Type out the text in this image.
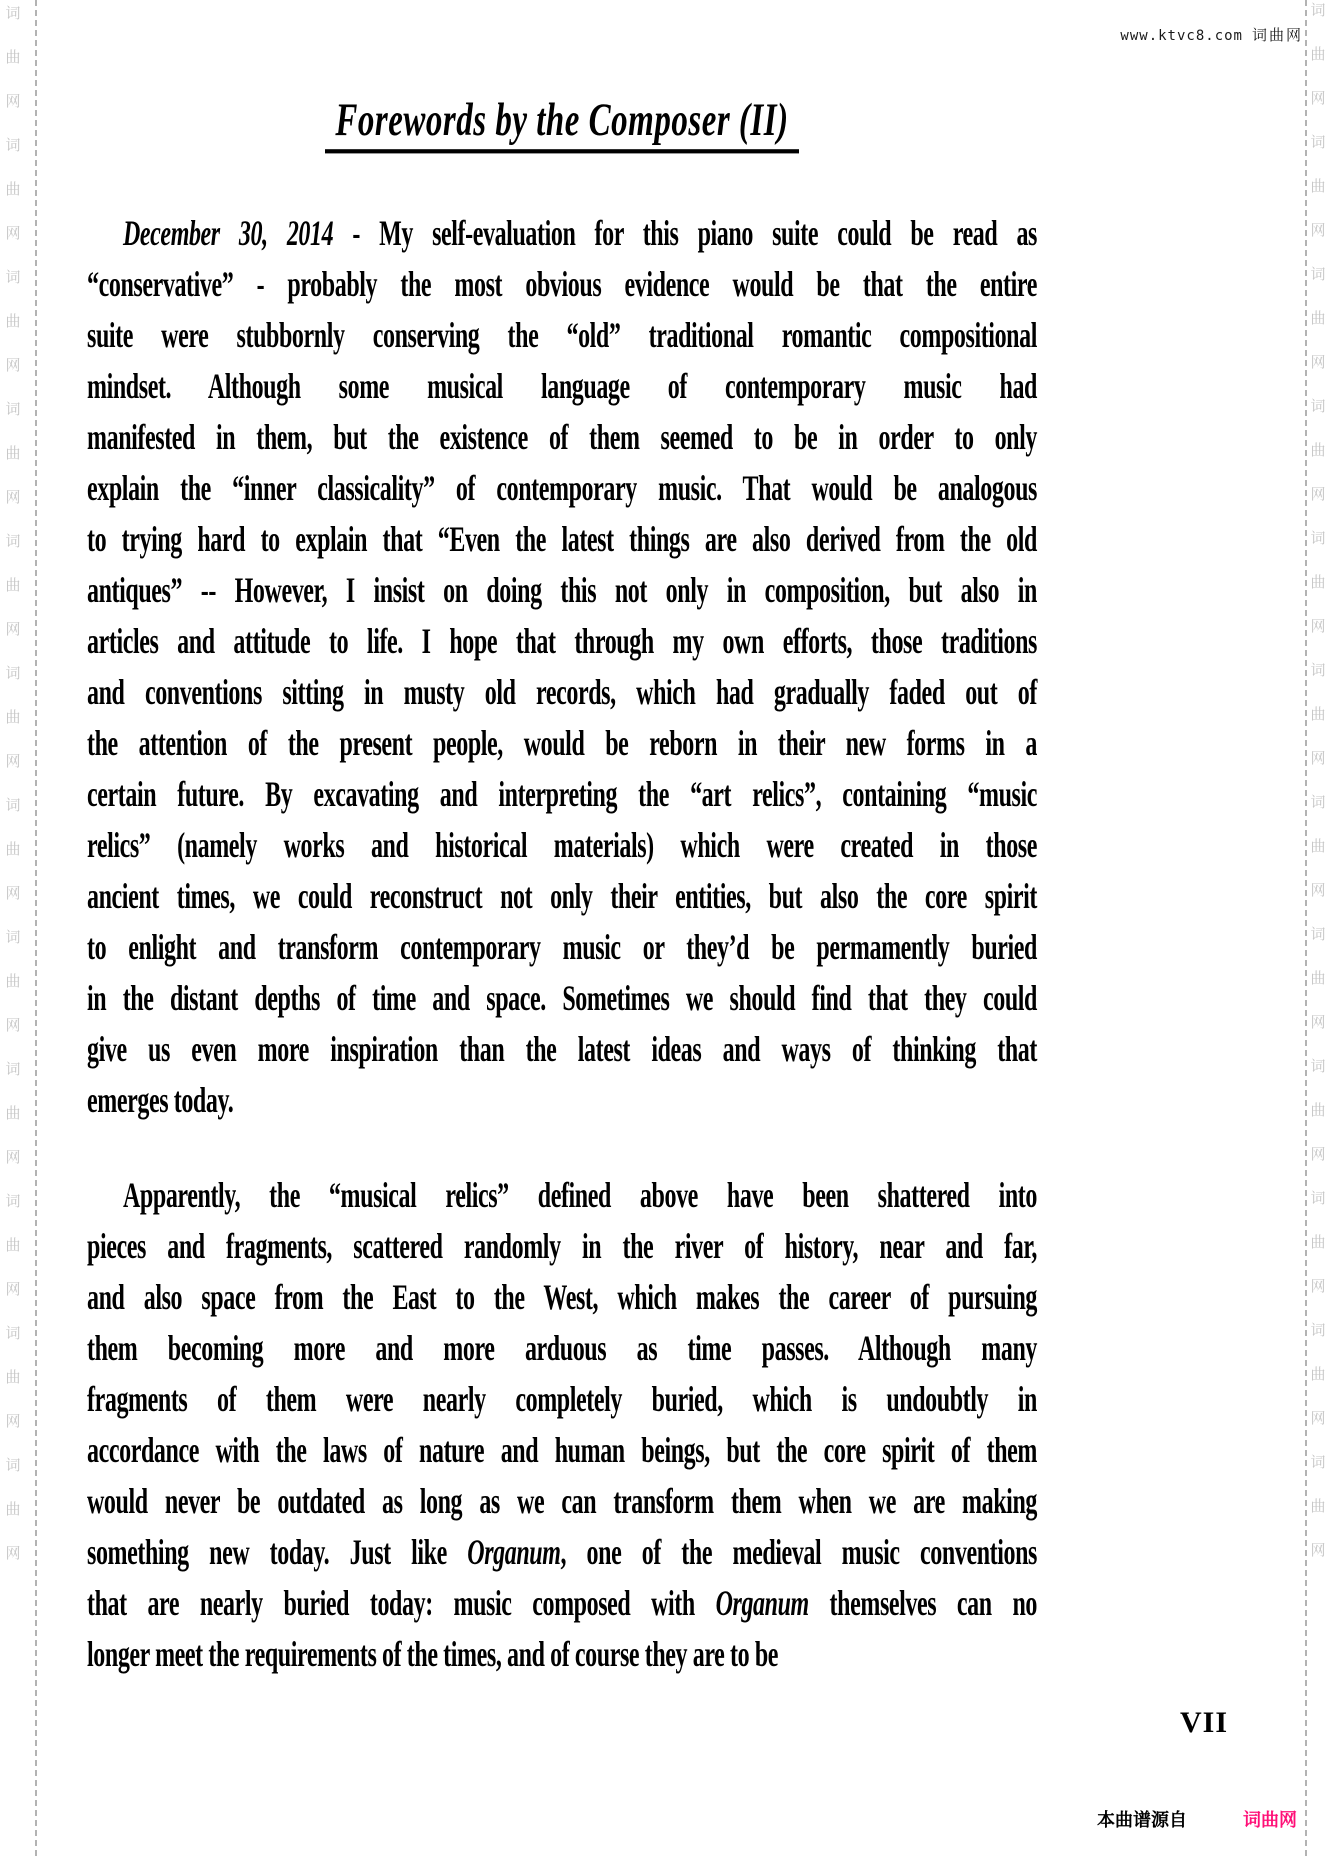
词
曲
网
词
曲
网
词
曲
网
词
曲
网
词
曲
网
词
曲
网
词
曲
网
词
曲
网
词
曲
网
词
曲
网
词
曲
网
词
曲
网
词
曲
网
词
曲
网
词
曲
网
词
曲
网
词
曲
网
词
曲
网
词
曲
网
词
曲
网
词
曲
网
词
曲
网
词
曲
网
词
曲
网
www.ktvc8.com 词曲网
Forewords by the Composer (II)
December 30, 2014 - My self-evaluation for this piano suite could be read as
“conservative” - probably the most obvious evidence would be that the entire
suite were stubbornly conserving the “old” traditional romantic compositional
mindset. Although some musical language of contemporary music had
manifested in them, but the existence of them seemed to be in order to only
explain the “inner classicality” of contemporary music. That would be analogous
to trying hard to explain that “Even the latest things are also derived from the old
antiques” -- However, I insist on doing this not only in composition, but also in
articles and attitude to life. I hope that through my own efforts, those traditions
and conventions sitting in musty old records, which had gradually faded out of
the attention of the present people, would be reborn in their new forms in a
certain future. By excavating and interpreting the “art relics”, containing “music
relics” (namely works and historical materials) which were created in those
ancient times, we could reconstruct not only their entities, but also the core spirit
to enlight and transform contemporary music or they’d be permamently buried
in the distant depths of time and space. Sometimes we should find that they could
give us even more inspiration than the latest ideas and ways of thinking that
emerges today.
Apparently, the “musical relics” defined above have been shattered into
pieces and fragments, scattered randomly in the river of history, near and far,
and also space from the East to the West, which makes the career of pursuing
them becoming more and more arduous as time passes. Although many
fragments of them were nearly completely buried, which is undoubtly in
accordance with the laws of nature and human beings, but the core spirit of them
would never be outdated as long as we can transform them when we are making
something new today. Just like Organum, one of the medieval music conventions
that are nearly buried today: music composed with Organum themselves can no
longer meet the requirements of the times, and of course they are to be
VII
本曲谱源自	词曲网
